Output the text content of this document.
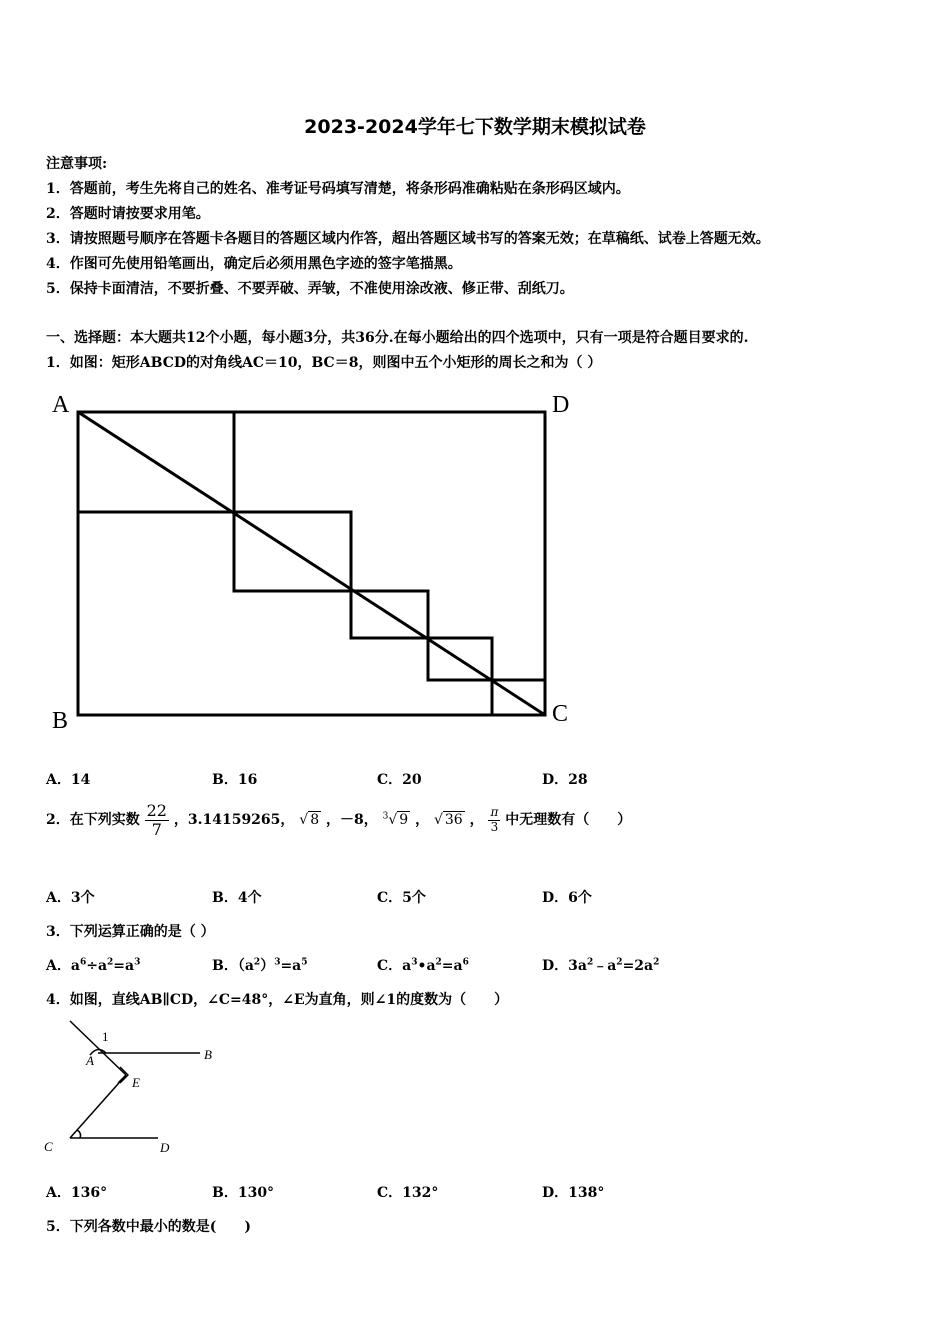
2023-2024学年七下数学期末模拟试卷
注意事项:
1．答题前，考生先将自己的姓名、准考证号码填写清楚，将条形码准确粘贴在条形码区域内。
2．答题时请按要求用笔。
3．请按照题号顺序在答题卡各题目的答题区域内作答，超出答题区域书写的答案无效；在草稿纸、试卷上答题无效。
4．作图可先使用铅笔画出，确定后必须用黑色字迹的签字笔描黑。
5．保持卡面清洁，不要折叠、不要弄破、弄皱，不准使用涂改液、修正带、刮纸刀。
一、选择题：本大题共12个小题，每小题3分，共36分.在每小题给出的四个选项中，只有一项是符合题目要求的.
1．如图：矩形ABCD的对角线AC＝10，BC＝8，则图中五个小矩形的周长之和为（ ）
A	D
B	C
A．14	B．16	C．20	D．28
2．在下列实数 $\frac{22}{7}$ ，3.14159265， √ 8 ，－8， $^3$√ 9 ， √ 36 ， $\frac{\pi}{3}$ 中无理数有（　　）
A．3个	B．4个	C．5个	D．6个
3．下列运算正确的是（ ）
A．$a^6\div a^2=a^3$	B．$(a^2)^3=a^5$	C．$a^3•a^2=a^6$	D．$3a^2﹣a^2=2a^2$
4．如图，直线AB∥CD，∠C=48°，∠E为直角，则∠1的度数为（　　）
1
A	B
E
C	D
A．136°	B．130°	C．132°	D．138°
5．下列各数中最小的数是(　　)
